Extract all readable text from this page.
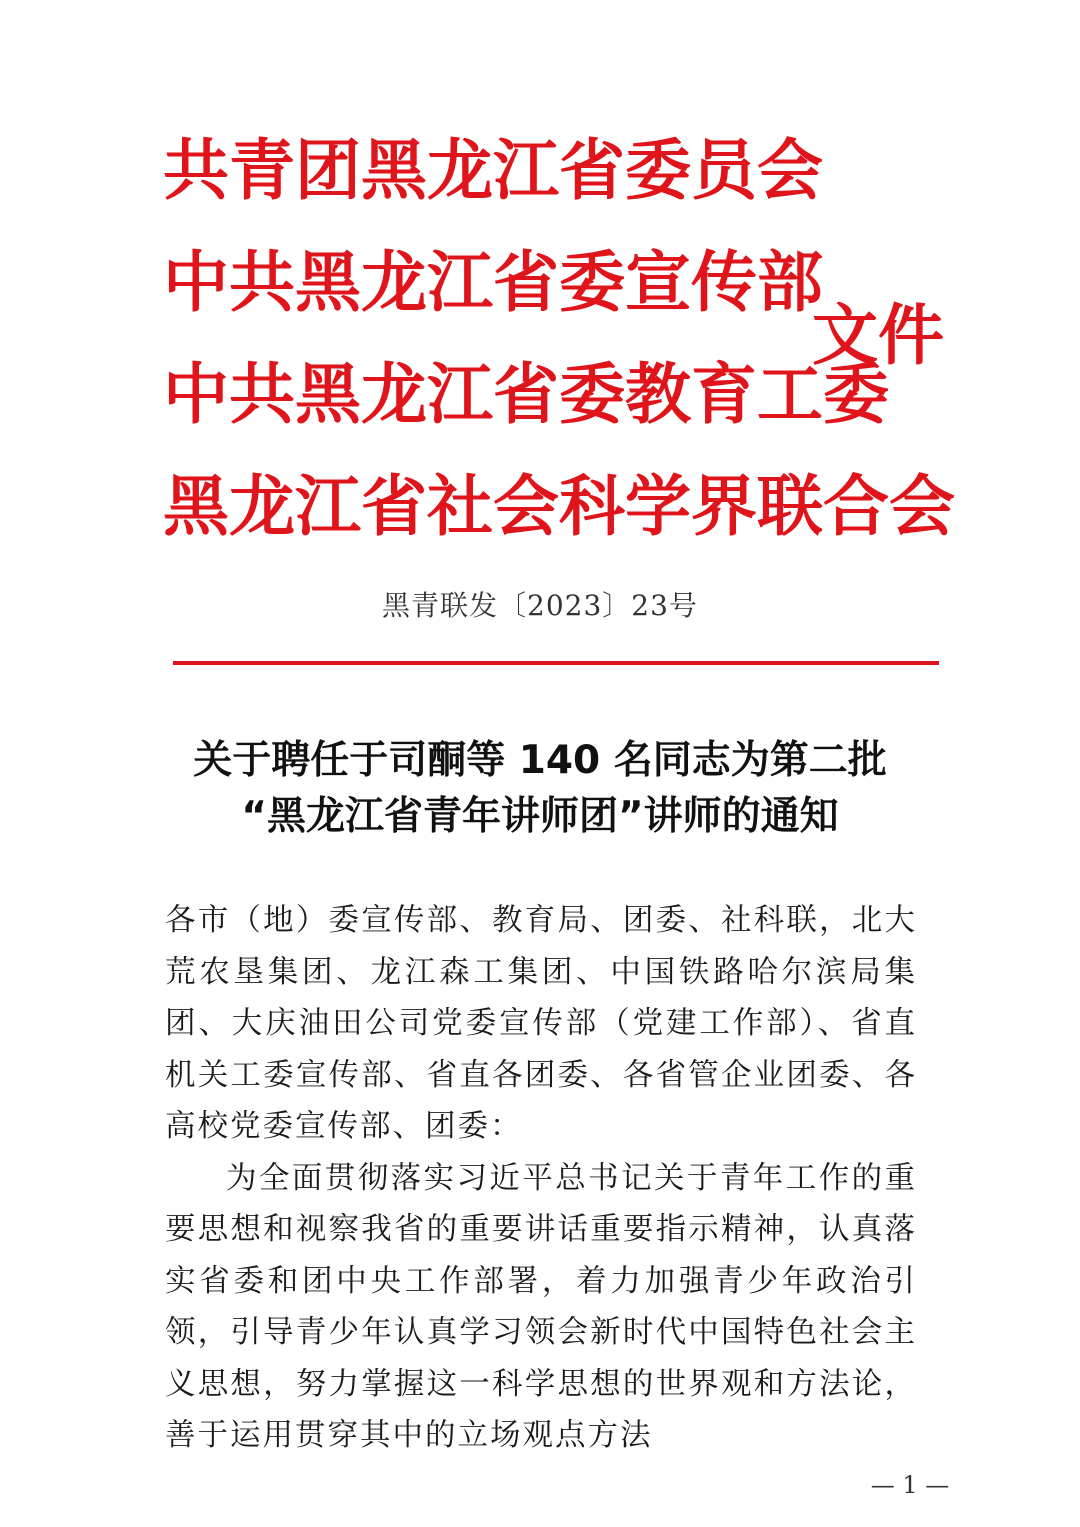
共青团黑龙江省委员会
中共黑龙江省委宣传部
中共黑龙江省委教育工委
黑龙江省社会科学界联合会
文件
黑青联发〔2023〕23号
关于聘任于司酮等 140 名同志为第二批
“黑龙江省青年讲师团”讲师的通知

各市（地）委宣传部、教育局、团委、社科联，北大荒农垦集团、龙江森工集团、中国铁路哈尔滨局集团、大庆油田公司党委宣传部（党建工作部）、省直机关工委宣传部、省直各团委、各省管企业团委、各高校党委宣传部、团委：

为全面贯彻落实习近平总书记关于青年工作的重要思想和视察我省的重要讲话重要指示精神，认真落实省委和团中央工作部署，着力加强青少年政治引领，引导青少年认真学习领会新时代中国特色社会主义思想，努力掌握这一科学思想的世界观和方法论，善于运用贯穿其中的立场观点方法

— 1 —
